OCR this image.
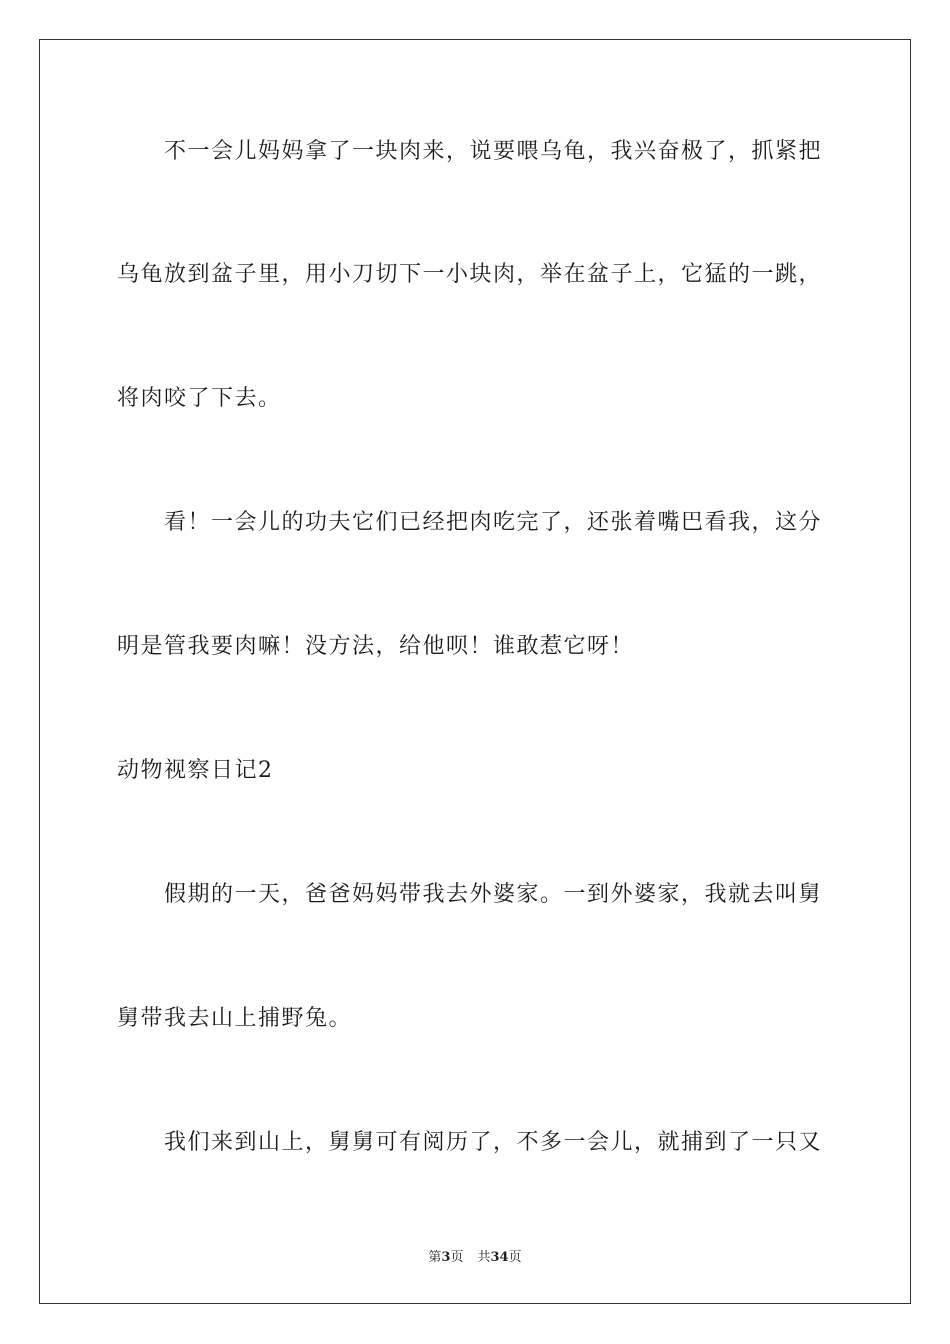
不一会儿妈妈拿了一块肉来，说要喂乌龟，我兴奋极了，抓紧把
乌龟放到盆子里，用小刀切下一小块肉，举在盆子上，它猛的一跳，
将肉咬了下去。
看！一会儿的功夫它们已经把肉吃完了，还张着嘴巴看我，这分
明是管我要肉嘛！没方法，给他呗！谁敢惹它呀！
动物视察日记2
假期的一天，爸爸妈妈带我去外婆家。一到外婆家，我就去叫舅
舅带我去山上捕野兔。
我们来到山上，舅舅可有阅历了，不多一会儿，就捕到了一只又
第3页 共34页
